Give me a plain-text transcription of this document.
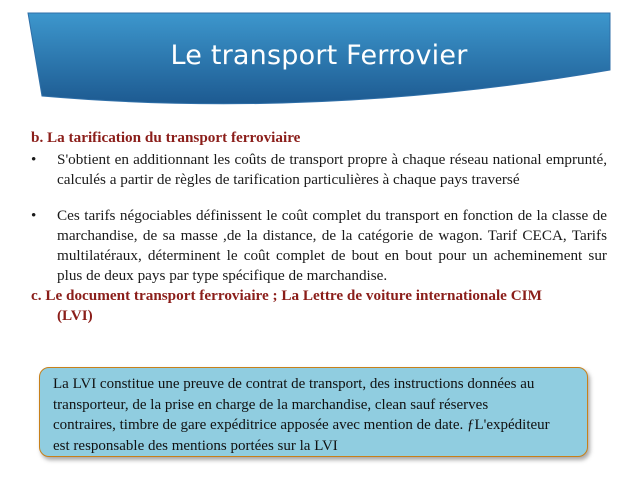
Le transport Ferrovier

b. La tarification du transport ferroviaire

• S'obtient en additionnant les coûts de transport propre à chaque réseau national emprunté, calculés a partir de règles de tarification particulières à chaque pays traversé

• Ces tarifs négociables définissent le coût complet du transport en fonction de la classe de marchandise, de sa masse ,de la distance, de la catégorie de wagon. Tarif CECA, Tarifs multilatéraux, déterminent le coût complet de bout en bout pour un acheminement sur plus de deux pays par type spécifique de marchandise.

c. Le document transport ferroviaire ; La Lettre de voiture internationale CIM
(LVI)

La LVI constitue une preuve de contrat de transport, des instructions données au
transporteur, de la prise en charge de la marchandise, clean sauf réserves
contraires, timbre de gare expéditrice apposée avec mention de date. ƒL'expéditeur
est responsable des mentions portées sur la LVI
